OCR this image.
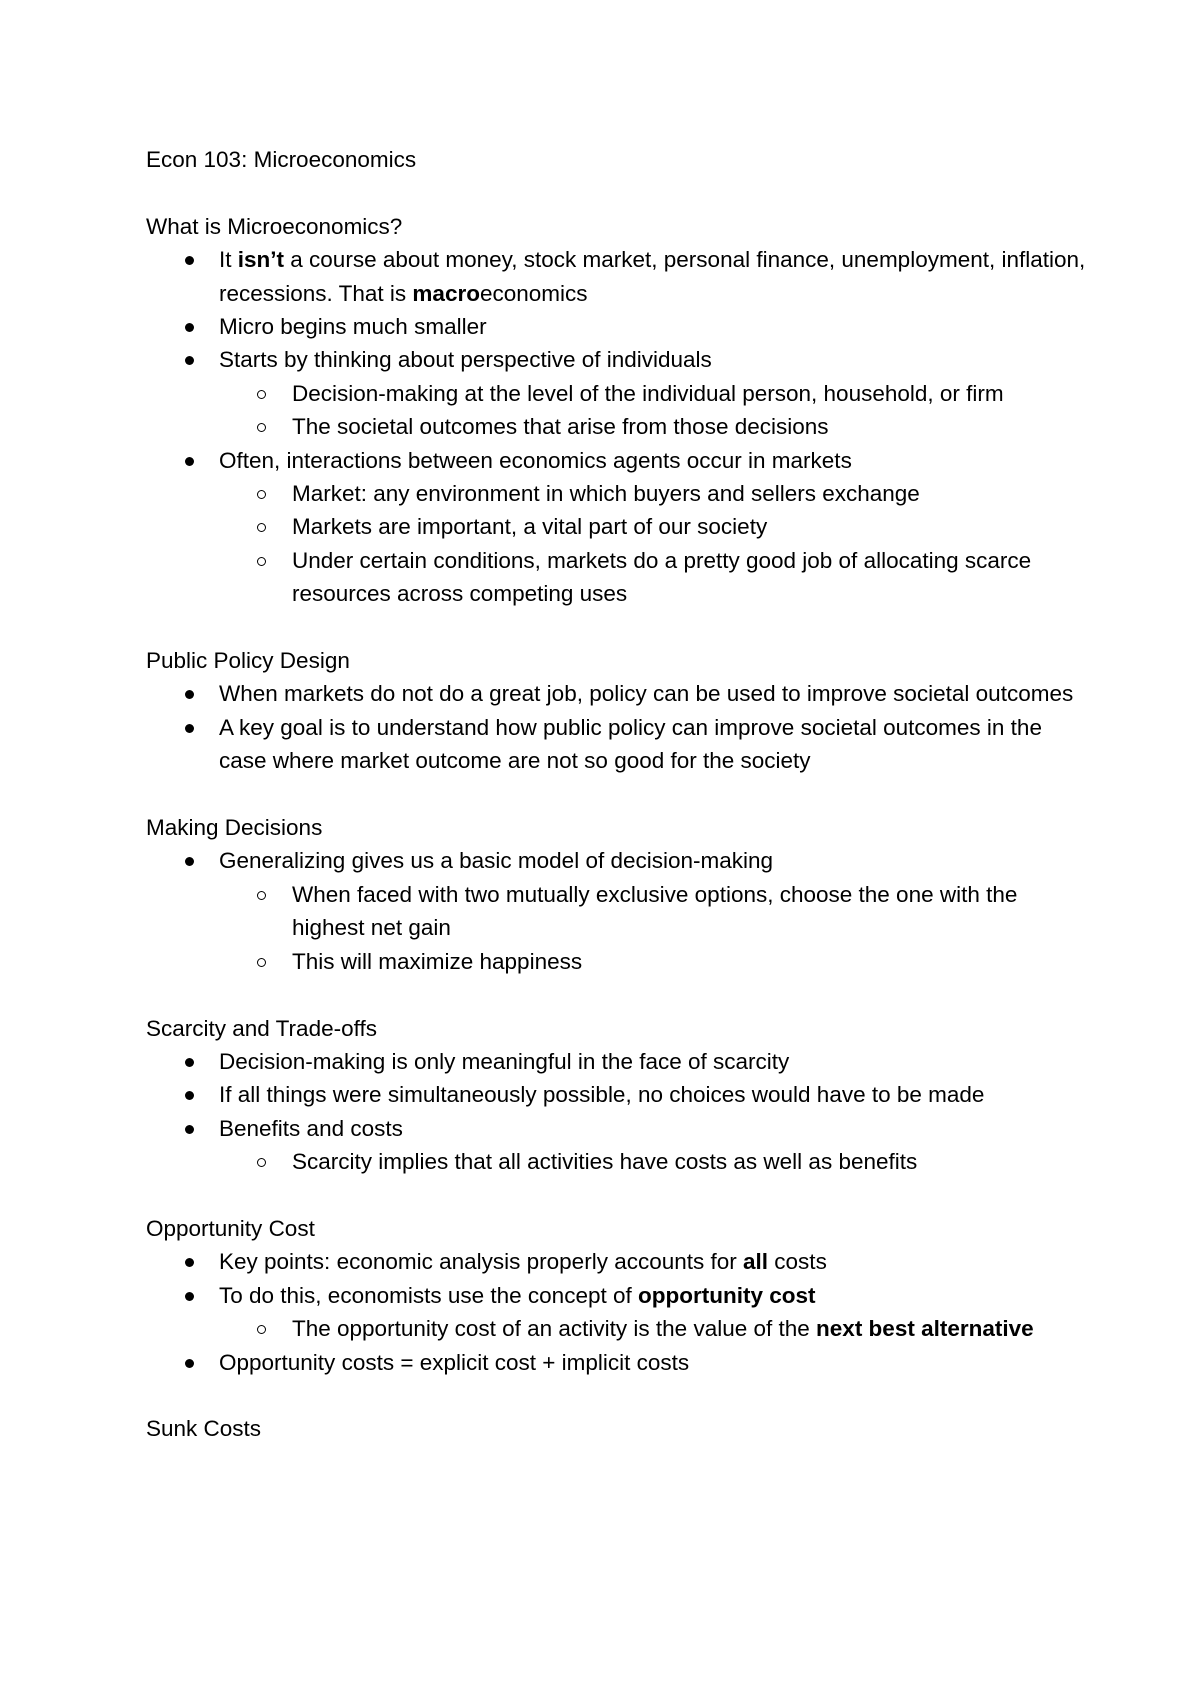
Econ 103: Microeconomics
What is Microeconomics?
It isn’t a course about money, stock market, personal finance, unemployment, inflation, recessions. That is macroeconomics
Micro begins much smaller
Starts by thinking about perspective of individuals
Decision-making at the level of the individual person, household, or firm
The societal outcomes that arise from those decisions
Often, interactions between economics agents occur in markets
Market: any environment in which buyers and sellers exchange
Markets are important, a vital part of our society
Under certain conditions, markets do a pretty good job of allocating scarce resources across competing uses
Public Policy Design
When markets do not do a great job, policy can be used to improve societal outcomes
A key goal is to understand how public policy can improve societal outcomes in the case where market outcome are not so good for the society
Making Decisions
Generalizing gives us a basic model of decision-making
When faced with two mutually exclusive options, choose the one with the highest net gain
This will maximize happiness
Scarcity and Trade-offs
Decision-making is only meaningful in the face of scarcity
If all things were simultaneously possible, no choices would have to be made
Benefits and costs
Scarcity implies that all activities have costs as well as benefits
Opportunity Cost
Key points: economic analysis properly accounts for all costs
To do this, economists use the concept of opportunity cost
The opportunity cost of an activity is the value of the next best alternative
Opportunity costs = explicit cost + implicit costs
Sunk Costs
